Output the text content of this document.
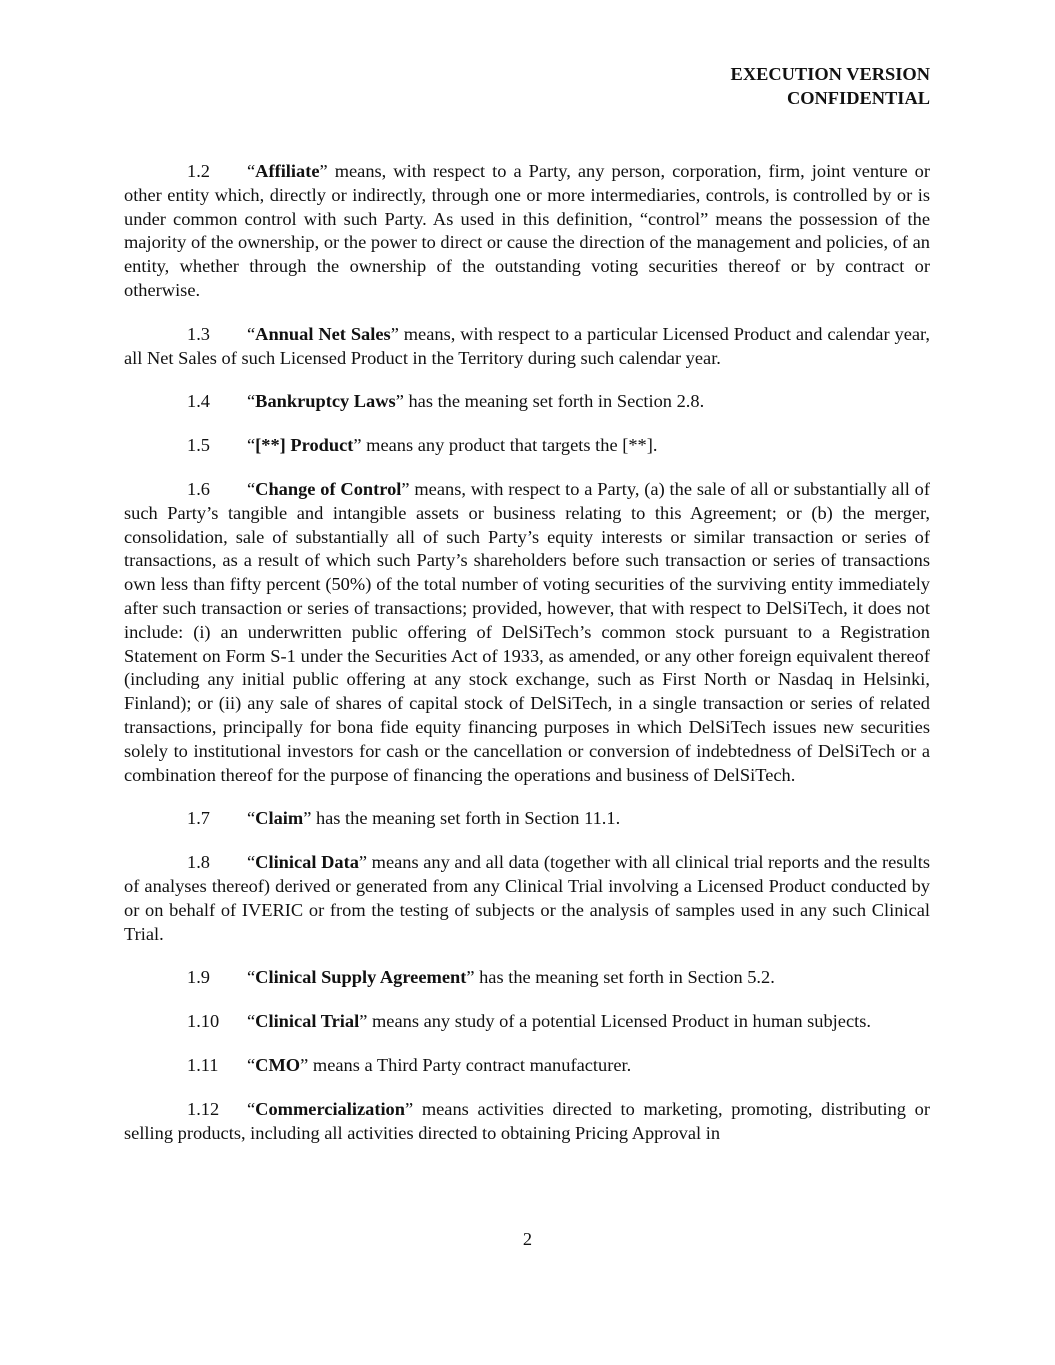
EXECUTION VERSION
CONFIDENTIAL

1.2 “Affiliate” means, with respect to a Party, any person, corporation, firm, joint venture or other entity which, directly or indirectly, through one or more intermediaries, controls, is controlled by or is under common control with such Party. As used in this definition, “control” means the possession of the majority of the ownership, or the power to direct or cause the direction of the management and policies, of an entity, whether through the ownership of the outstanding voting securities thereof or by contract or otherwise.

1.3 “Annual Net Sales” means, with respect to a particular Licensed Product and calendar year, all Net Sales of such Licensed Product in the Territory during such calendar year.

1.4 “Bankruptcy Laws” has the meaning set forth in Section 2.8.

1.5 “[**] Product” means any product that targets the [**].

1.6 “Change of Control” means, with respect to a Party, (a) the sale of all or substantially all of such Party’s tangible and intangible assets or business relating to this Agreement; or (b) the merger, consolidation, sale of substantially all of such Party’s equity interests or similar transaction or series of transactions, as a result of which such Party’s shareholders before such transaction or series of transactions own less than fifty percent (50%) of the total number of voting securities of the surviving entity immediately after such transaction or series of transactions; provided, however, that with respect to DelSiTech, it does not include: (i) an underwritten public offering of DelSiTech’s common stock pursuant to a Registration Statement on Form S-1 under the Securities Act of 1933, as amended, or any other foreign equivalent thereof (including any initial public offering at any stock exchange, such as First North or Nasdaq in Helsinki, Finland); or (ii) any sale of shares of capital stock of DelSiTech, in a single transaction or series of related transactions, principally for bona fide equity financing purposes in which DelSiTech issues new securities solely to institutional investors for cash or the cancellation or conversion of indebtedness of DelSiTech or a combination thereof for the purpose of financing the operations and business of DelSiTech.

1.7 “Claim” has the meaning set forth in Section 11.1.

1.8 “Clinical Data” means any and all data (together with all clinical trial reports and the results of analyses thereof) derived or generated from any Clinical Trial involving a Licensed Product conducted by or on behalf of IVERIC or from the testing of subjects or the analysis of samples used in any such Clinical Trial.

1.9 “Clinical Supply Agreement” has the meaning set forth in Section 5.2.

1.10 “Clinical Trial” means any study of a potential Licensed Product in human subjects.

1.11 “CMO” means a Third Party contract manufacturer.

1.12 “Commercialization” means activities directed to marketing, promoting, distributing or selling products, including all activities directed to obtaining Pricing Approval in

2
